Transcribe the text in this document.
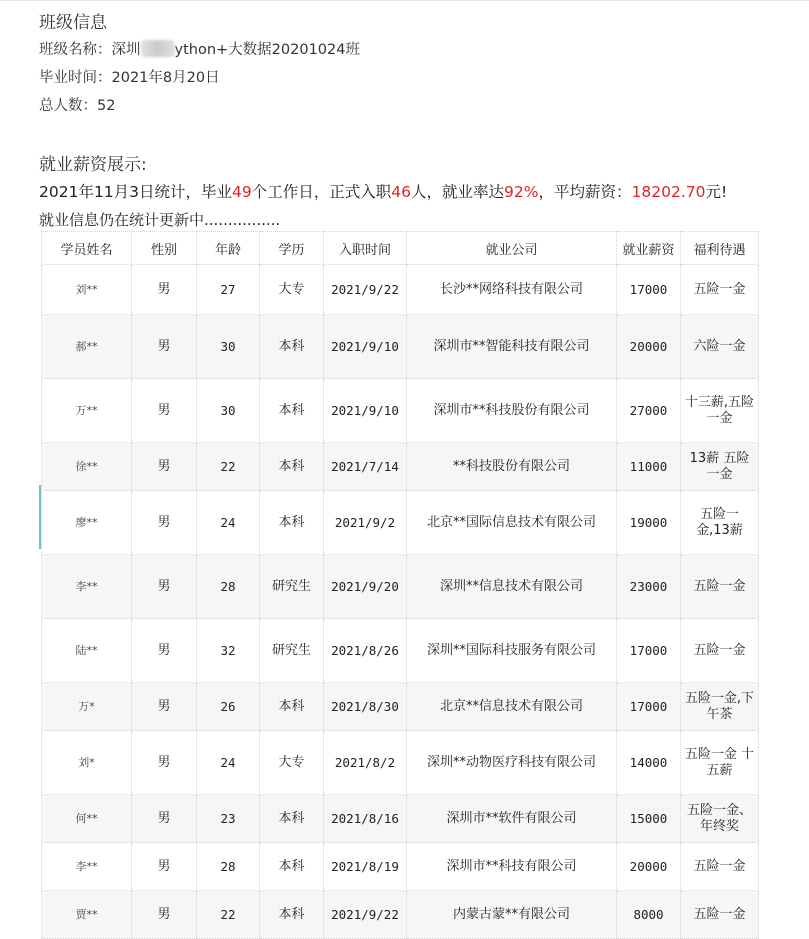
班级信息
班级名称：深圳 ython+大数据20201024班
毕业时间：2021年8月20日
总人数：52
就业薪资展示:
2021年11月3日统计，毕业49个工作日，正式入职46人，就业率达92%，平均薪资：18202.70元!
就业信息仍在统计更新中................
学员姓名	性别	年龄	学历	入职时间	就业公司	就业薪资	福利待遇
刘**	男	27	大专	2021/9/22	长沙**网络科技有限公司	17000	五险一金
郝**	男	30	本科	2021/9/10	深圳市**智能科技有限公司	20000	六险一金
万**	男	30	本科	2021/9/10	深圳市**科技股份有限公司	27000	十三薪,五险一金
徐**	男	22	本科	2021/7/14	**科技股份有限公司	11000	13薪 五险一金
廖**	男	24	本科	2021/9/2	北京**国际信息技术有限公司	19000	五险一金,13薪
李**	男	28	研究生	2021/9/20	深圳**信息技术有限公司	23000	五险一金
陆**	男	32	研究生	2021/8/26	深圳**国际科技服务有限公司	17000	五险一金
万*	男	26	本科	2021/8/30	北京**信息技术有限公司	17000	五险一金,下午茶
刘*	男	24	大专	2021/8/2	深圳**动物医疗科技有限公司	14000	五险一金 十五薪
何**	男	23	本科	2021/8/16	深圳市**软件有限公司	15000	五险一金、年终奖
李**	男	28	本科	2021/8/19	深圳市**科技有限公司	20000	五险一金
贾**	男	22	本科	2021/9/22	内蒙古蒙**有限公司	8000	五险一金
